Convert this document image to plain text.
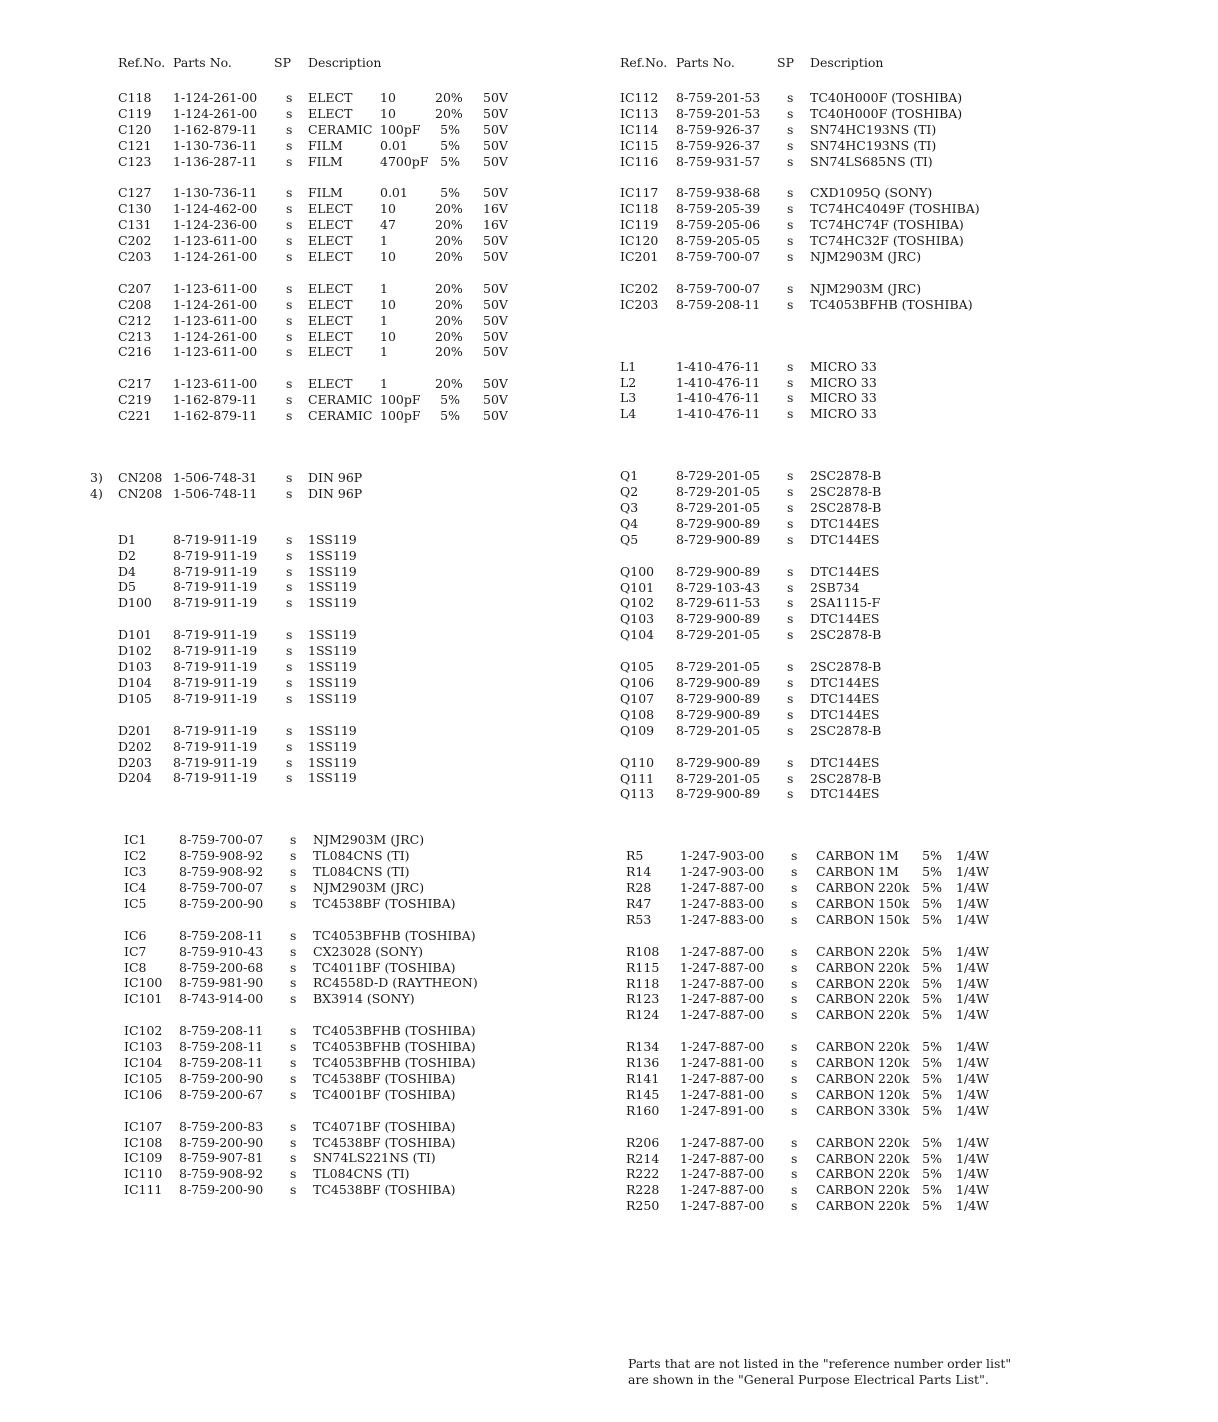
Ref.No. Parts No.	SP Description
C118 1-124-261-00 s ELECT 10	20% 50V
C119 1-124-261-00 s ELECT 10	20% 50V
C120 1-162-879-11 s CERAMIC 100pF	5% 50V
C121 1-130-736-11 s FILM	0.01	5% 50V
C123 1-136-287-11 s FILM	4700pF 5% 50V
C127 1-130-736-11 s FILM	0.01	5% 50V
C130 1-124-462-00 s ELECT 10	20% 16V
C131 1-124-236-00 s ELECT 47	20% 16V
C202 1-123-611-00 s ELECT 1	20% 50V
C203 1-124-261-00 s ELECT 10	20% 50V
C207 1-123-611-00 s ELECT 1	20% 50V
C208 1-124-261-00 s ELECT 10	20% 50V
C212 1-123-611-00 s ELECT 1	20% 50V
C213 1-124-261-00 s ELECT 10	20% 50V
C216 1-123-611-00 s ELECT 1	20% 50V
C217 1-123-611-00 s ELECT 1	20% 50V
C219 1-162-879-11 s CERAMIC 100pF	5% 50V
C221 1-162-879-11 s CERAMIC 100pF	5% 50V
3) CN208 1-506-748-31 s DIN 96P
4) CN208 1-506-748-11 s DIN 96P
D1	8-719-911-19 s 1SS119
D2	8-719-911-19 s 1SS119
D4	8-719-911-19 s 1SS119
D5	8-719-911-19 s 1SS119
D100 8-719-911-19 s 1SS119
D101 8-719-911-19 s 1SS119
D102 8-719-911-19 s 1SS119
D103 8-719-911-19 s 1SS119
D104 8-719-911-19 s 1SS119
D105 8-719-911-19 s 1SS119
D201 8-719-911-19 s 1SS119
D202 8-719-911-19 s 1SS119
D203 8-719-911-19 s 1SS119
D204 8-719-911-19 s 1SS119
IC1	8-759-700-07 s NJM2903M (JRC)
IC2	8-759-908-92 s TL084CNS (TI)
IC3	8-759-908-92 s TL084CNS (TI)
IC4	8-759-700-07 s NJM2903M (JRC)
IC5	8-759-200-90 s TC4538BF (TOSHIBA)
IC6	8-759-208-11 s TC4053BFHB (TOSHIBA)
IC7	8-759-910-43 s CX23028 (SONY)
IC8	8-759-200-68 s TC4011BF (TOSHIBA)
IC100 8-759-981-90 s RC4558D-D (RAYTHEON)
IC101 8-743-914-00 s BX3914 (SONY)
IC102 8-759-208-11 s TC4053BFHB (TOSHIBA)
IC103 8-759-208-11 s TC4053BFHB (TOSHIBA)
IC104 8-759-208-11 s TC4053BFHB (TOSHIBA)
IC105 8-759-200-90 s TC4538BF (TOSHIBA)
IC106 8-759-200-67 s TC4001BF (TOSHIBA)
IC107 8-759-200-83 s TC4071BF (TOSHIBA)
IC108 8-759-200-90 s TC4538BF (TOSHIBA)
IC109 8-759-907-81 s SN74LS221NS (TI)
IC110 8-759-908-92 s TL084CNS (TI)
IC111 8-759-200-90 s TC4538BF (TOSHIBA)
Ref.No. Parts No.	SP Description
IC112 8-759-201-53 s TC40H000F (TOSHIBA)
IC113 8-759-201-53 s TC40H000F (TOSHIBA)
IC114 8-759-926-37 s SN74HC193NS (TI)
IC115 8-759-926-37 s SN74HC193NS (TI)
IC116 8-759-931-57 s SN74LS685NS (TI)
IC117 8-759-938-68 s CXD1095Q (SONY)
IC118 8-759-205-39 s TC74HC4049F (TOSHIBA)
IC119 8-759-205-06 s TC74HC74F (TOSHIBA)
IC120 8-759-205-05 s TC74HC32F (TOSHIBA)
IC201 8-759-700-07 s NJM2903M (JRC)
IC202 8-759-700-07 s NJM2903M (JRC)
IC203 8-759-208-11 s TC4053BFHB (TOSHIBA)
L1	1-410-476-11 s MICRO 33
L2	1-410-476-11 s MICRO 33
L3	1-410-476-11 s MICRO 33
L4	1-410-476-11 s MICRO 33
Q1	8-729-201-05 s 2SC2878-B
Q2	8-729-201-05 s 2SC2878-B
Q3	8-729-201-05 s 2SC2878-B
Q4	8-729-900-89 s DTC144ES
Q5	8-729-900-89 s DTC144ES
Q100 8-729-900-89 s DTC144ES
Q101 8-729-103-43 s 2SB734
Q102 8-729-611-53 s 2SA1115-F
Q103 8-729-900-89 s DTC144ES
Q104 8-729-201-05 s 2SC2878-B
Q105 8-729-201-05 s 2SC2878-B
Q106 8-729-900-89 s DTC144ES
Q107 8-729-900-89 s DTC144ES
Q108 8-729-900-89 s DTC144ES
Q109 8-729-201-05 s 2SC2878-B
Q110 8-729-900-89 s DTC144ES
Q111 8-729-201-05 s 2SC2878-B
Q113 8-729-900-89 s DTC144ES
R5	1-247-903-00 s CARBON 1M	5% 1/4W
R14 1-247-903-00 s CARBON 1M	5% 1/4W
R28 1-247-887-00 s CARBON 220k	5% 1/4W
R47 1-247-883-00 s CARBON 150k	5% 1/4W
R53 1-247-883-00 s CARBON 150k	5% 1/4W
R108 1-247-887-00 s CARBON 220k	5% 1/4W
R115 1-247-887-00 s CARBON 220k	5% 1/4W
R118 1-247-887-00 s CARBON 220k	5% 1/4W
R123 1-247-887-00 s CARBON 220k	5% 1/4W
R124 1-247-887-00 s CARBON 220k	5% 1/4W
R134 1-247-887-00 s CARBON 220k	5% 1/4W
R136 1-247-881-00 s CARBON 120k	5% 1/4W
R141 1-247-887-00 s CARBON 220k	5% 1/4W
R145 1-247-881-00 s CARBON 120k	5% 1/4W
R160 1-247-891-00 s CARBON 330k	5% 1/4W
R206 1-247-887-00 s CARBON 220k	5% 1/4W
R214 1-247-887-00 s CARBON 220k	5% 1/4W
R222 1-247-887-00 s CARBON 220k	5% 1/4W
R228 1-247-887-00 s CARBON 220k	5% 1/4W
R250 1-247-887-00 s CARBON 220k	5% 1/4W
Parts that are not listed in the "reference number order list"
are shown in the "General Purpose Electrical Parts List".
